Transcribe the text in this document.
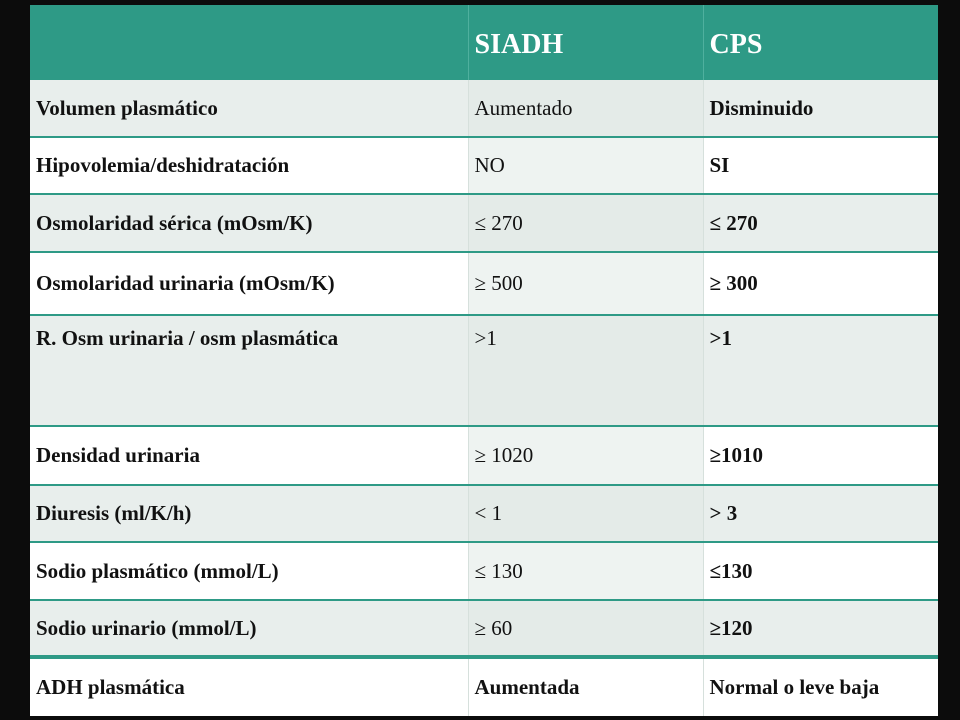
	SIADH	CPS
Volumen plasmático	Aumentado	Disminuido
Hipovolemia/deshidratación	NO	SI
Osmolaridad sérica (mOsm/K)	≤ 270	≤ 270
Osmolaridad urinaria (mOsm/K)	≥ 500	≥ 300
R. Osm urinaria / osm plasmática	>1	>1
Densidad urinaria	≥ 1020	≥1010
Diuresis (ml/K/h)	< 1	> 3
Sodio plasmático (mmol/L)	≤ 130	≤130
Sodio urinario (mmol/L)	≥ 60	≥120
ADH plasmática	Aumentada	Normal o leve baja
